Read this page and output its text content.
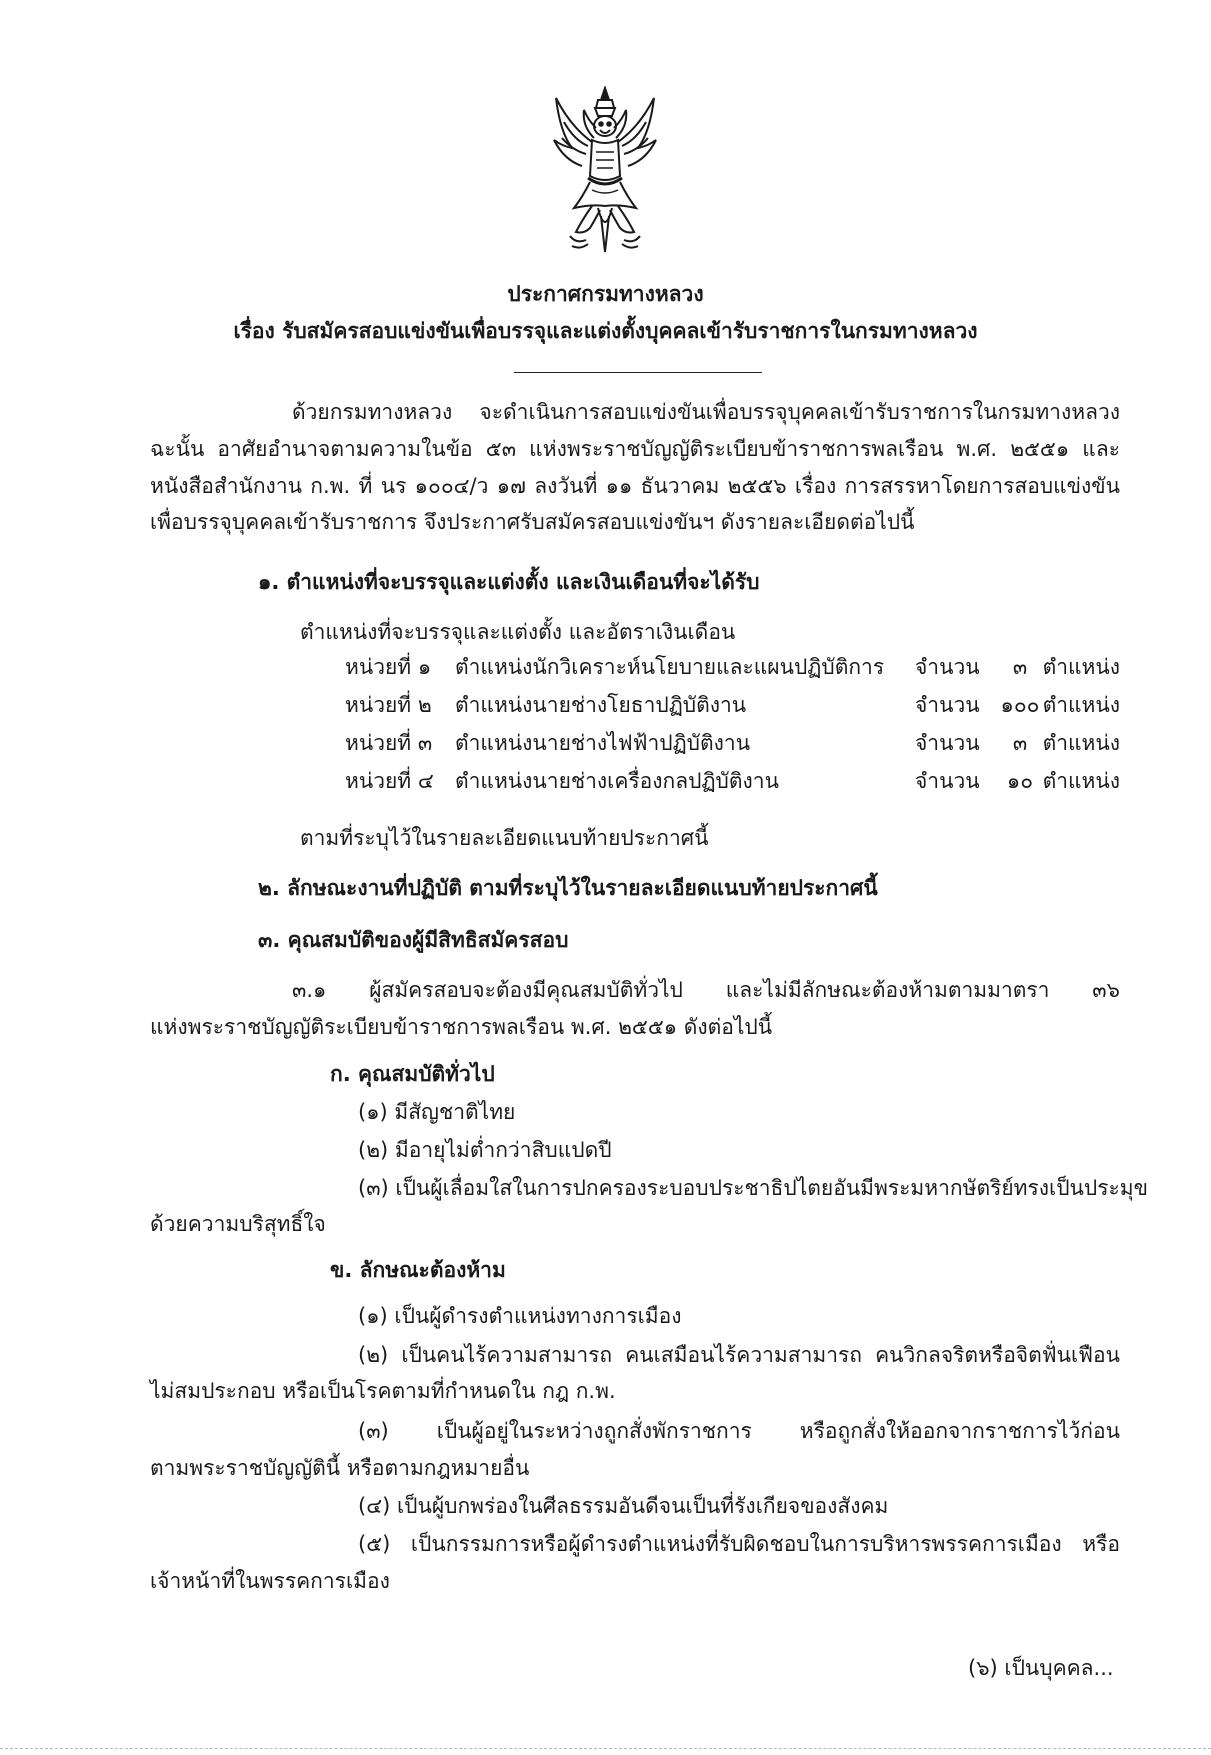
ประกาศกรมทางหลวง
เรื่อง รับสมัครสอบแข่งขันเพื่อบรรจุและแต่งตั้งบุคคลเข้ารับราชการในกรมทางหลวง
ด้วยกรมทางหลวง จะดำเนินการสอบแข่งขันเพื่อบรรจุบุคคลเข้ารับราชการในกรมทางหลวง
ฉะนั้น อาศัยอำนาจตามความในข้อ ๕๓ แห่งพระราชบัญญัติระเบียบข้าราชการพลเรือน พ.ศ. ๒๕๕๑ และ
หนังสือสำนักงาน ก.พ. ที่ นร ๑๐๐๔/ว ๑๗ ลงวันที่ ๑๑ ธันวาคม ๒๕๕๖ เรื่อง การสรรหาโดยการสอบแข่งขัน
เพื่อบรรจุบุคคลเข้ารับราชการ จึงประกาศรับสมัครสอบแข่งขันฯ ดังรายละเอียดต่อไปนี้
๑. ตำแหน่งที่จะบรรจุและแต่งตั้ง และเงินเดือนที่จะได้รับ
ตำแหน่งที่จะบรรจุและแต่งตั้ง และอัตราเงินเดือน
หน่วยที่ ๑ ตำแหน่งนักวิเคราะห์นโยบายและแผนปฏิบัติการ จำนวน	๓ ตำแหน่ง
หน่วยที่ ๒ ตำแหน่งนายช่างโยธาปฏิบัติงาน	จำนวน ๑๐๐ ตำแหน่ง
หน่วยที่ ๓ ตำแหน่งนายช่างไฟฟ้าปฏิบัติงาน	จำนวน	๓ ตำแหน่ง
หน่วยที่ ๔ ตำแหน่งนายช่างเครื่องกลปฏิบัติงาน	จำนวน	๑๐ ตำแหน่ง
ตามที่ระบุไว้ในรายละเอียดแนบท้ายประกาศนี้
๒. ลักษณะงานที่ปฏิบัติ ตามที่ระบุไว้ในรายละเอียดแนบท้ายประกาศนี้
๓. คุณสมบัติของผู้มีสิทธิสมัครสอบ
๓.๑ ผู้สมัครสอบจะต้องมีคุณสมบัติทั่วไป และไม่มีลักษณะต้องห้ามตามมาตรา ๓๖
แห่งพระราชบัญญัติระเบียบข้าราชการพลเรือน พ.ศ. ๒๕๕๑ ดังต่อไปนี้
ก. คุณสมบัติทั่วไป
(๑) มีสัญชาติไทย
(๒) มีอายุไม่ต่ำกว่าสิบแปดปี
(๓) เป็นผู้เลื่อมใสในการปกครองระบอบประชาธิปไตยอันมีพระมหากษัตริย์ทรงเป็นประมุข
ด้วยความบริสุทธิ์ใจ
ข. ลักษณะต้องห้าม
(๑) เป็นผู้ดำรงตำแหน่งทางการเมือง
(๒) เป็นคนไร้ความสามารถ คนเสมือนไร้ความสามารถ คนวิกลจริตหรือจิตฟั่นเฟือน
ไม่สมประกอบ หรือเป็นโรคตามที่กำหนดใน กฎ ก.พ.
(๓) เป็นผู้อยู่ในระหว่างถูกสั่งพักราชการ หรือถูกสั่งให้ออกจากราชการไว้ก่อน
ตามพระราชบัญญัตินี้ หรือตามกฎหมายอื่น
(๔) เป็นผู้บกพร่องในศีลธรรมอันดีจนเป็นที่รังเกียจของสังคม
(๕) เป็นกรรมการหรือผู้ดำรงตำแหน่งที่รับผิดชอบในการบริหารพรรคการเมือง หรือ
เจ้าหน้าที่ในพรรคการเมือง
(๖) เป็นบุคคล...
